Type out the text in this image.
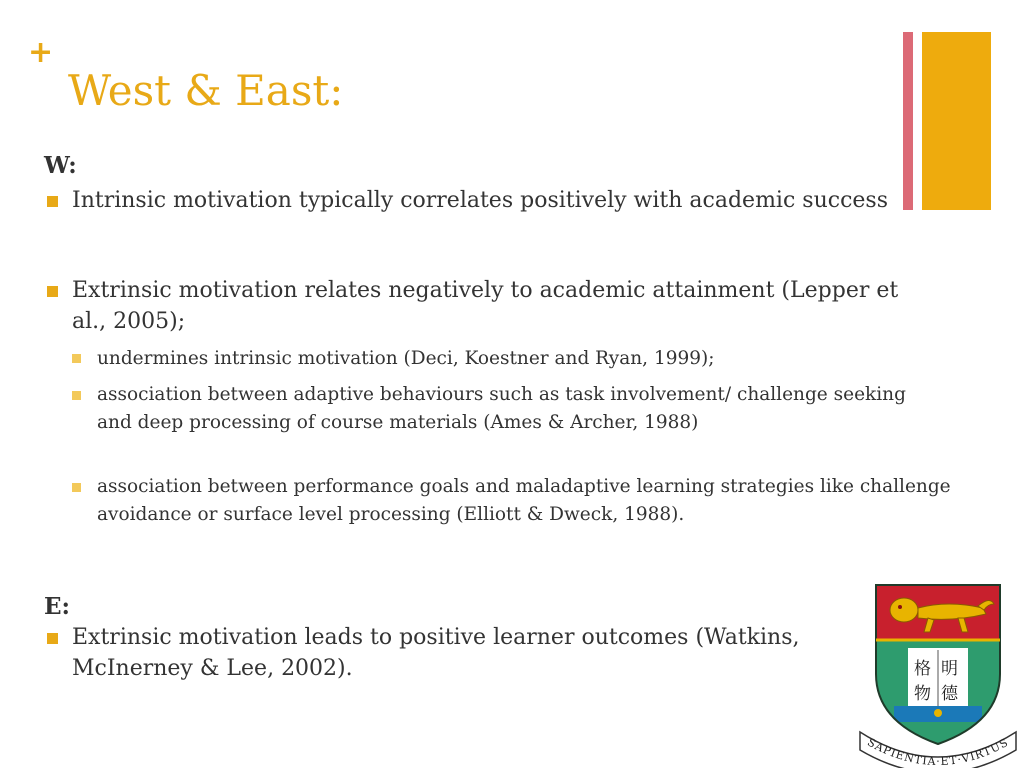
+
West & East:
W:

Intrinsic motivation typically correlates positively with academic success

Extrinsic motivation relates negatively to academic attainment (Lepper et al., 2005);

undermines intrinsic motivation (Deci, Koestner and Ryan, 1999);

association between adaptive behaviours such as task involvement/ challenge seeking and deep processing of course materials (Ames & Archer, 1988)

association between performance goals and maladaptive learning strategies like challenge avoidance or surface level processing (Elliott & Dweck, 1988).

E:

Extrinsic motivation leads to positive learner outcomes (Watkins, McInerney & Lee, 2002).	格 明
物 德
SAPIENTIA·ET·VIRTUS
